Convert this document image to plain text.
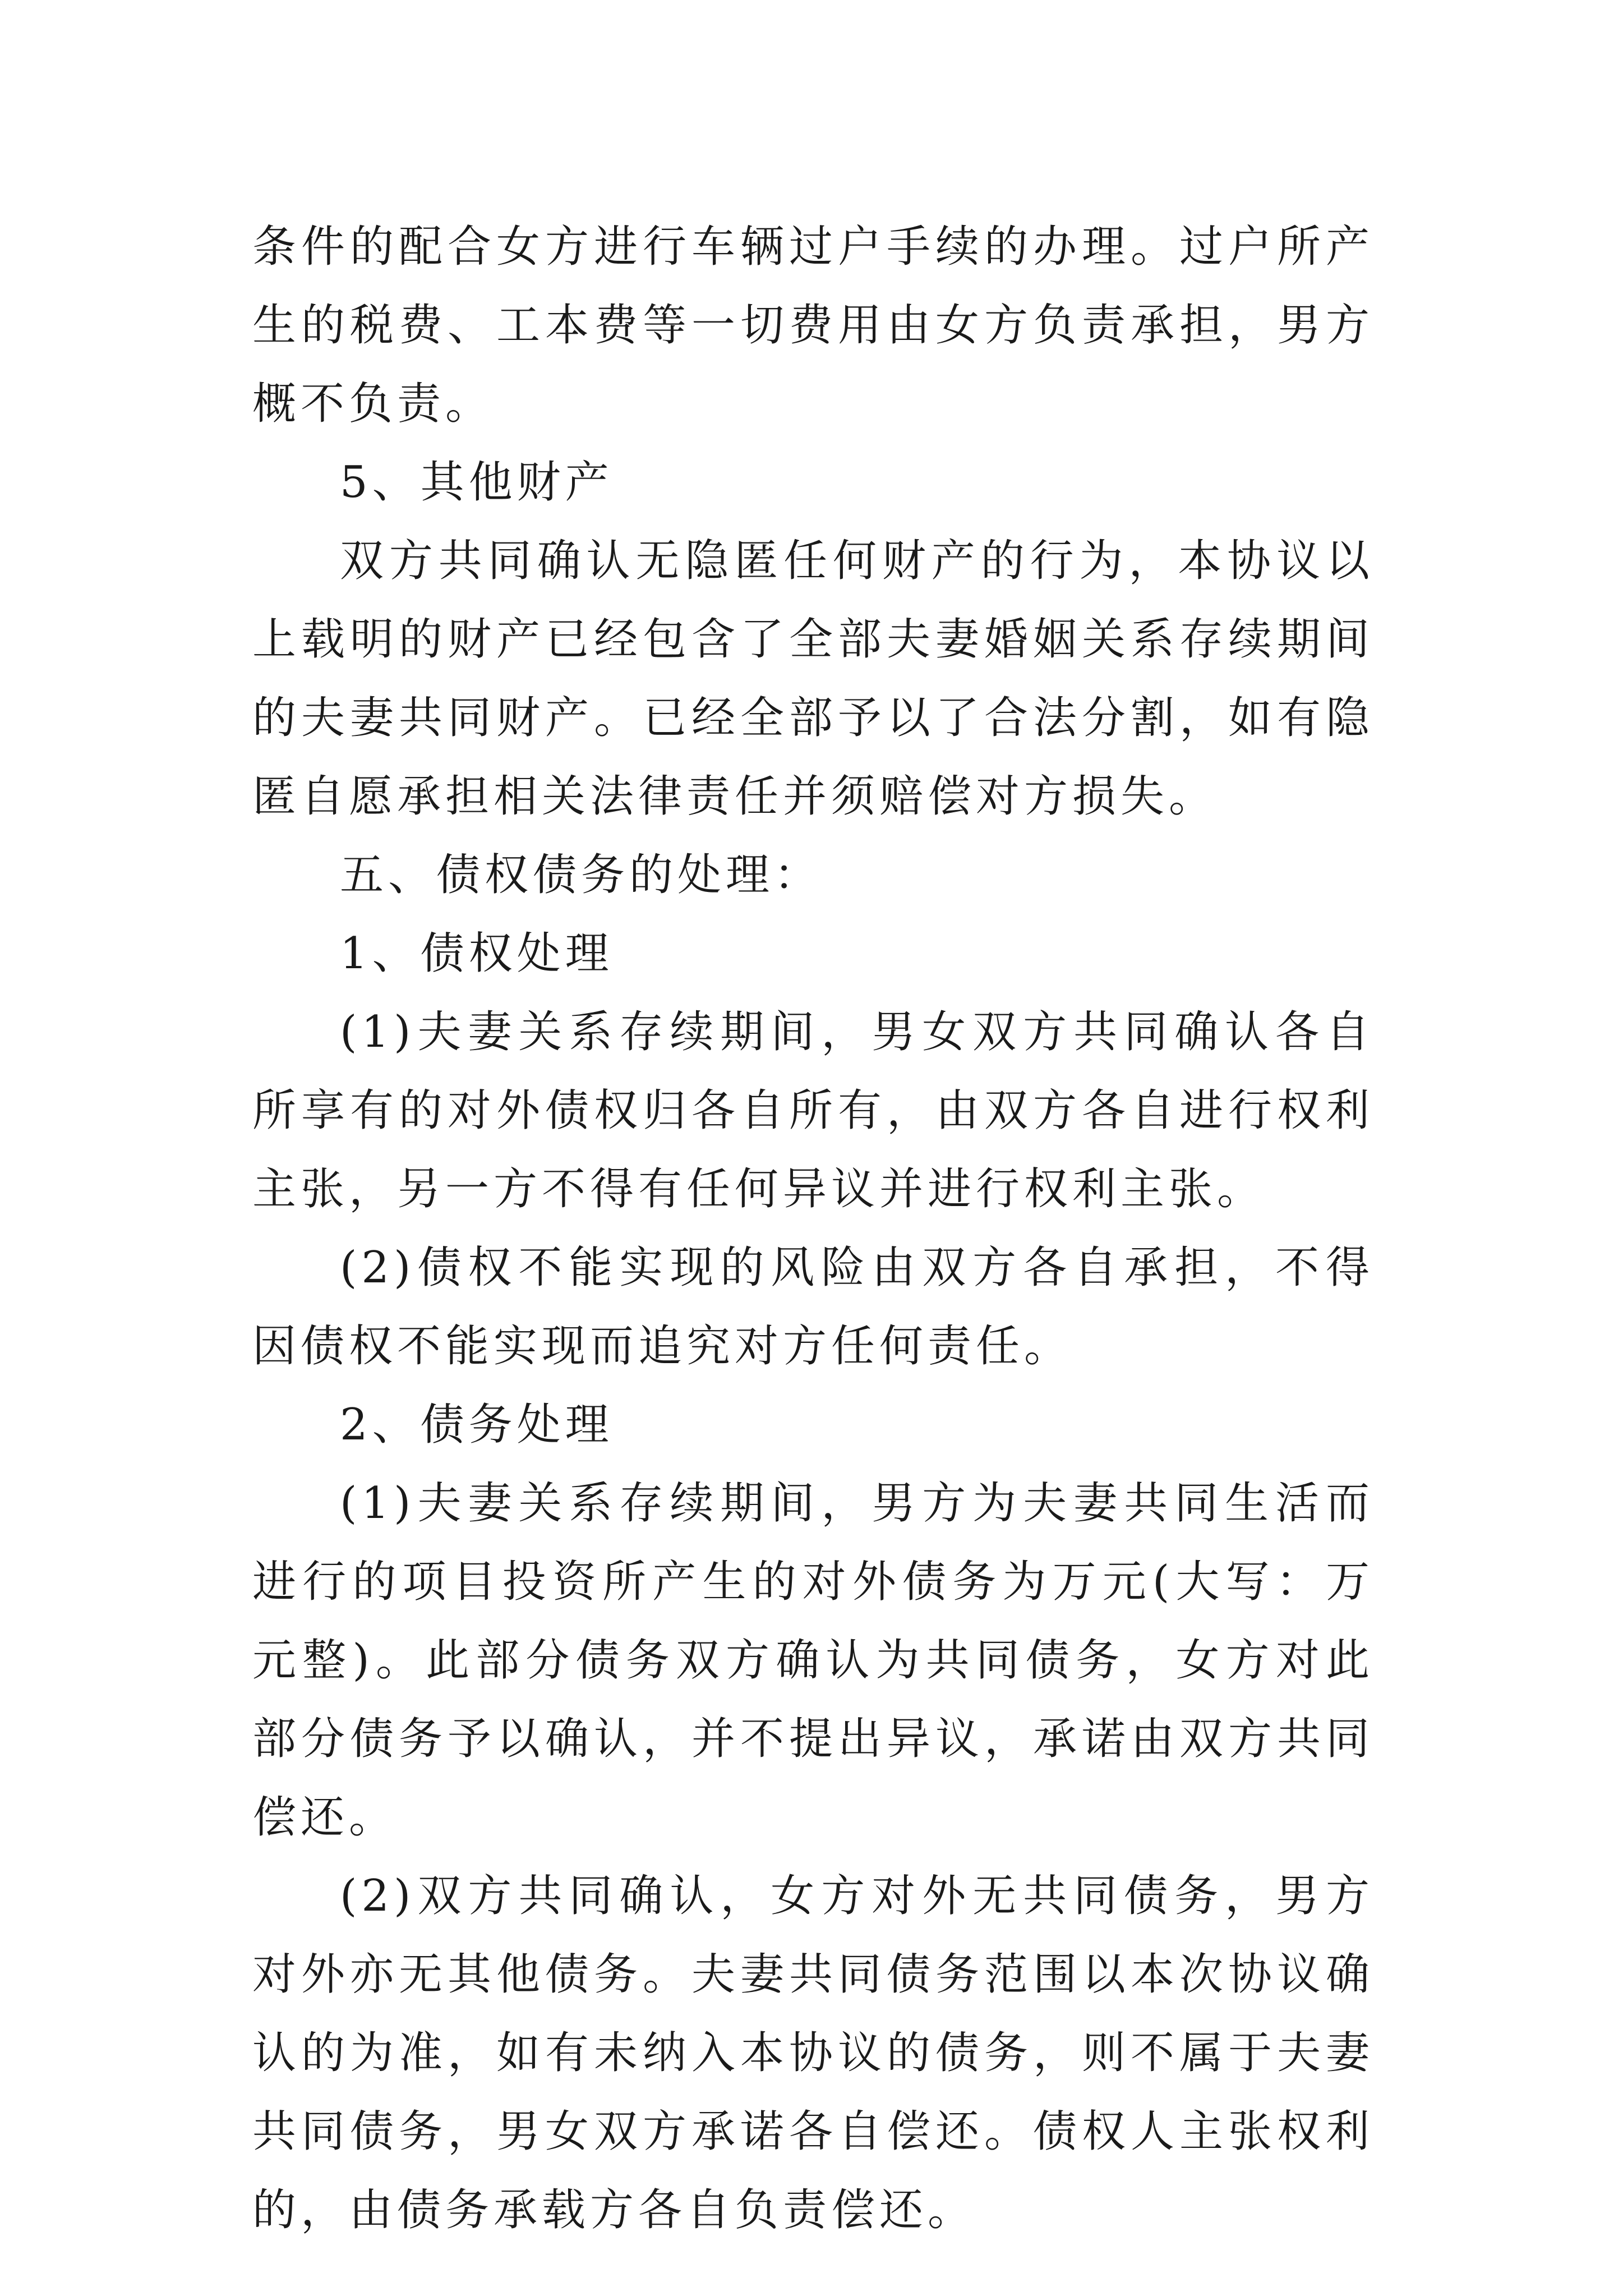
条件的配合女方进行车辆过户手续的办理。过户所产生的税费、工本费等一切费用由女方负责承担，男方概不负责。

5、其他财产

双方共同确认无隐匿任何财产的行为，本协议以上载明的财产已经包含了全部夫妻婚姻关系存续期间的夫妻共同财产。已经全部予以了合法分割，如有隐匿自愿承担相关法律责任并须赔偿对方损失。

五、债权债务的处理：

1、债权处理

(1)夫妻关系存续期间，男女双方共同确认各自所享有的对外债权归各自所有，由双方各自进行权利主张，另一方不得有任何异议并进行权利主张。

(2)债权不能实现的风险由双方各自承担，不得因债权不能实现而追究对方任何责任。

2、债务处理

(1)夫妻关系存续期间，男方为夫妻共同生活而进行的项目投资所产生的对外债务为万元(大写：万元整)。此部分债务双方确认为共同债务，女方对此部分债务予以确认，并不提出异议，承诺由双方共同偿还。

(2)双方共同确认，女方对外无共同债务，男方对外亦无其他债务。夫妻共同债务范围以本次协议确认的为准，如有未纳入本协议的债务，则不属于夫妻共同债务，男女双方承诺各自偿还。债权人主张权利的，由债务承载方各自负责偿还。
